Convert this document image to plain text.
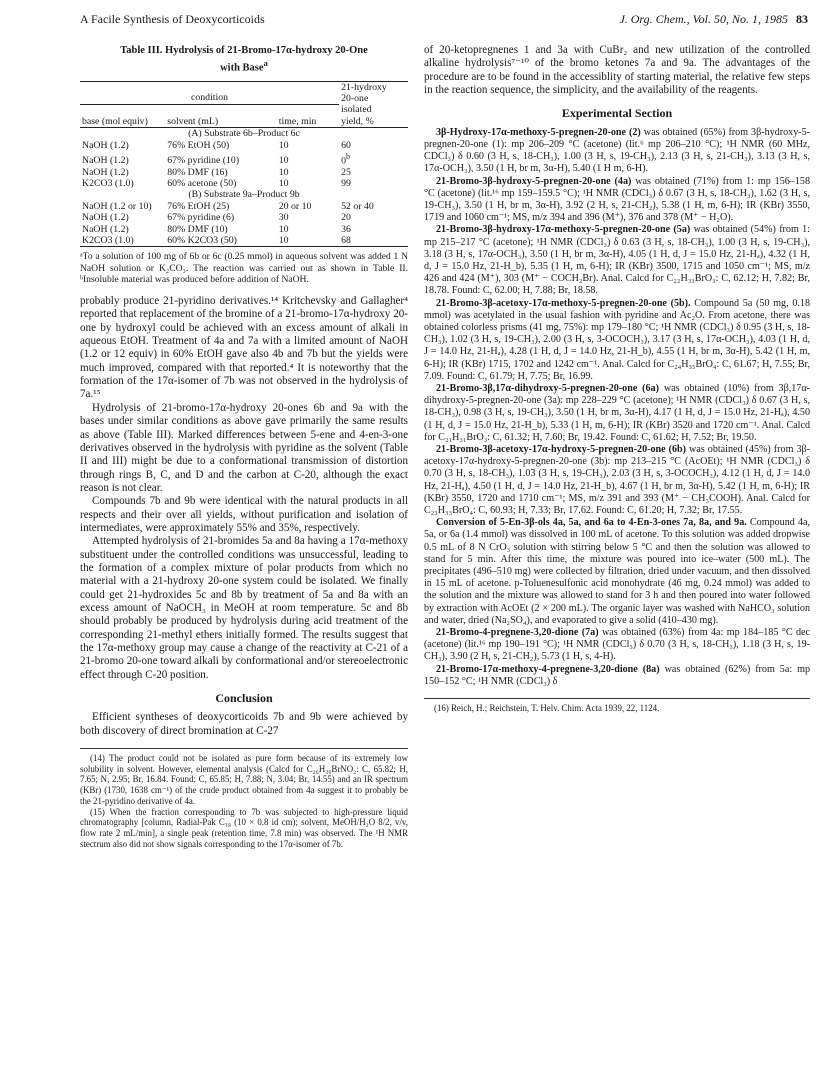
A Facile Synthesis of Deoxycorticoids	J. Org. Chem., Vol. 50, No. 1, 1985 83
Table III. Hydrolysis of 21-Bromo-17α-hydroxy 20-One
with Base$^a$

			21-hydroxy
20-one

condition			
base (mol equiv)	solvent (mL)	time, min	isolated
yield, %

(A) Substrate 6b–Product 6c			
NaOH (1.2)	76% EtOH (50)	10	60
NaOH (1.2)	67% pyridine (10)	10	0$^b$
NaOH (1.2)	80% DMF (16)	10	25
K2CO3 (1.0)	60% acetone (50)	10	99
(B) Substrate 9a–Product 9b			
NaOH (1.2 or 10)	76% EtOH (25)	20 or 10	52 or 40
NaOH (1.2)	67% pyridine (6)	30	20
NaOH (1.2)	80% DMF (10)	10	36
K2CO3 (1.0)	60% K2CO3 (50)	10	68
ᵃTo a solution of 100 mg of 6b or 6c (0.25 mmol) in aqueous solvent was added 1 N NaOH solution or K₂CO₃. The reaction was carried out as shown in Table II. ᵇInsoluble material was produced before addition of NaOH.

probably produce 21-pyridino derivatives.¹⁴ Kritchevsky and Gallagher⁴ reported that replacement of the bromine of a 21-bromo-17α-hydroxy 20-one by hydroxyl could be achieved with an excess amount of alkali in aqueous EtOH. Treatment of 4a and 7a with a limited amount of NaOH (1.2 or 12 equiv) in 60% EtOH gave also 4b and 7b but the yields were much improved, compared with that reported.⁴ It is noteworthy that the formation of the 17α-isomer of 7b was not observed in the hydrolysis of 7a.¹⁵

Hydrolysis of 21-bromo-17α-hydroxy 20-ones 6b and 9a with the bases under similar conditions as above gave primarily the same results as above (Table III). Marked differences between 5-ene and 4-en-3-one derivatives observed in the hydrolysis with pyridine as the solvent (Table II and III) might be due to a conformational transmission of distortion through rings B, C, and D and the carbon at C-20, although the exact reason is not clear.

Compounds 7b and 9b were identical with the natural products in all respects and their over all yields, without purification and isolation of intermediates, were approximately 55% and 35%, respectively.

Attempted hydrolysis of 21-bromides 5a and 8a having a 17α-methoxy substituent under the controlled conditions was unsuccessful, leading to the formation of a complex mixture of polar products from which no material with a 21-hydroxy 20-one system could be isolated. We finally could get 21-hydroxides 5c and 8b by treatment of 5a and 8a with an excess amount of NaOCH₃ in MeOH at room temperature. 5c and 8b should probably be produced by hydrolysis during acid treatment of the corresponding 21-methyl ethers initially formed. The results suggest that the 17α-methoxy group may cause a change of the reactivity at C-21 of a 21-bromo 20-one toward alkali by conformational and/or stereoelectronic effect through C-20 position.

Conclusion

Efficient syntheses of deoxycorticoids 7b and 9b were achieved by both discovery of direct bromination at C-27

(14) The product could not be isolated as pure form because of its extremely low solubility in solvent. However, elemental analysis (Calcd for C₂₆H₃₆BrNO₂: C, 65.82; H, 7.65; N, 2.95; Br, 16.84. Found: C, 65.85; H, 7.88; N, 3.04; Br, 14.55) and an IR spectrum (KBr) (1730, 1638 cm⁻¹) of the crude product obtained from 4a suggest it to probably be the 21-pyridino derivative of 4a.

(15) When the fraction corresponding to 7b was subjected to high-pressure liquid chromatography [column, Radial-Pak C₁₈ (10 × 0.8 id cm); solvent, MeOH/H₂O 8/2, v/v, flow rate 2 mL/min], a single peak (retention time, 7.8 min) was observed. The ¹H NMR stectrum also did not show signals corresponding to the 17α-isomer of 7b.

of 20-ketopregnenes 1 and 3a with CuBr₂ and new utilization of the controlled alkaline hydrolysis⁷⁻¹⁰ of the bromo ketones 7a and 9a. The advantages of the procedure are to be found in the accessiblity of starting material, the relative few steps in the reaction sequence, the simplicity, and the availability of the reagents.

Experimental Section

3β-Hydroxy-17α-methoxy-5-pregnen-20-one (2) was obtained (65%) from 3β-hydroxy-5-pregnen-20-one (1): mp 206–209 °C (acetone) (lit.⁶ mp 206–210 °C); ¹H NMR (60 MHz, CDCl₃) δ 0.60 (3 H, s, 18-CH₃), 1.00 (3 H, s, 19-CH₃), 2.13 (3 H, s, 21-CH₃), 3.13 (3 H, s, 17α-OCH₃), 3.50 (1 H, br m, 3α-H), 5.40 (1 H m, 6-H).

21-Bromo-3β-hydroxy-5-pregnen-20-one (4a) was obtained (71%) from 1: mp 156–158 °C (acetone) (lit.¹⁶ mp 159–159.5 °C); ¹H NMR (CDCl₃) δ 0.67 (3 H, s, 18-CH₃), 1.62 (3 H, s, 19-CH₃), 3.50 (1 H, br m, 3α-H), 3.92 (2 H, s, 21-CH₂), 5.38 (1 H, m, 6-H); IR (KBr) 3550, 1719 and 1060 cm⁻¹; MS, m/z 394 and 396 (M⁺), 376 and 378 (M⁺ − H₂O).

21-Bromo-3β-hydroxy-17α-methoxy-5-pregnen-20-one (5a) was obtained (54%) from 1: mp 215–217 °C (acetone); ¹H NMR (CDCl₃) δ 0.63 (3 H, s, 18-CH₃), 1.00 (3 H, s, 19-CH₃), 3.18 (3 H, s, 17α-OCH₃), 3.50 (1 H, br m, 3α-H), 4.05 (1 H, d, J = 15.0 Hz, 21-Hₐ), 4.32 (1 H, d, J = 15.0 Hz, 21-H_b), 5.35 (1 H, m, 6-H); IR (KBr) 3500, 1715 and 1050 cm⁻¹; MS, m/z 426 and 424 (M⁺), 303 (M⁺ − COCH₂Br). Anal. Calcd for C₂₂H₃₃BrO₃: C, 62.12; H, 7.82; Br, 18.78. Found: C, 62.00; H, 7.88; Br, 18.58.

21-Bromo-3β-acetoxy-17α-methoxy-5-pregnen-20-one (5b). Compound 5a (50 mg, 0.18 mmol) was acetylated in the usual fashion with pyridine and Ac₂O. From acetone, there was obtained colorless prisms (41 mg, 75%): mp 179–180 °C; ¹H NMR (CDCl₃) δ 0.95 (3 H, s, 18-CH₃), 1.02 (3 H, s, 19-CH₃), 2.00 (3 H, s, 3-OCOCH₃), 3.17 (3 H, s, 17α-OCH₃), 4.03 (1 H, d, J = 14.0 Hz, 21-Hₐ), 4.28 (1 H, d, J = 14.0 Hz, 21-H_b), 4.55 (1 H, br m, 3α-H), 5.42 (1 H, m, 6-H); IR (KBr) 1715, 1702 and 1242 cm⁻¹. Anal. Calcd for C₂₄H₃₅BrO₄: C, 61.67; H, 7.55; Br, 7.09. Found: C, 61.79; H, 7.75; Br, 16.99.

21-Bromo-3β,17α-dihydroxy-5-pregnen-20-one (6a) was obtained (10%) from 3β,17α-dihydroxy-5-pregnen-20-one (3a): mp 228–229 °C (acetone); ¹H NMR (CDCl₃) δ 0.67 (3 H, s, 18-CH₃), 0.98 (3 H, s, 19-CH₃), 3.50 (1 H, br m, 3α-H), 4.17 (1 H, d, J = 15.0 Hz, 21-Hₐ), 4.50 (1 H, d, J = 15.0 Hz, 21-H_b), 5.33 (1 H, m, 6-H); IR (KBr) 3520 and 1720 cm⁻¹. Anal. Calcd for C₂₁H₃₁BrO₃: C, 61.32; H, 7.60; Br, 19.42. Found: C, 61.62; H, 7.52; Br, 19.50.

21-Bromo-3β-acetoxy-17α-hydroxy-5-pregnen-20-one (6b) was obtained (45%) from 3β-acetoxy-17α-hydroxy-5-pregnen-20-one (3b): mp 213–215 °C (AcOEt); ¹H NMR (CDCl₃) δ 0.70 (3 H, s, 18-CH₃), 1.03 (3 H, s, 19-CH₃), 2.03 (3 H, s, 3-OCOCH₃), 4.12 (1 H, d, J = 14.0 Hz, 21-Hₐ), 4.50 (1 H, d, J = 14.0 Hz, 21-H_b), 4.67 (1 H, br m, 3α-H), 5.42 (1 H, m, 6-H); IR (KBr) 3550, 1720 and 1710 cm⁻¹; MS, m/z 391 and 393 (M⁺ − CH₃COOH). Anal. Calcd for C₂₃H₃₃BrO₄: C, 60.93; H, 7.33; Br, 17.62. Found: C, 61.20; H, 7.32; Br, 17.55.

Conversion of 5-En-3β-ols 4a, 5a, and 6a to 4-En-3-ones 7a, 8a, and 9a. Compound 4a, 5a, or 6a (1.4 mmol) was dissolved in 100 mL of acetone. To this solution was added dropwise 0.5 mL of 8 N CrO₃ solution with stirring below 5 °C and then the solution was allowed to stand for 5 min. After this time, the mixture was poured into ice–water (500 mL). The precipitates (496–510 mg) were collected by filtration, dried under vacuum, and then dissolved in 15 mL of acetone. p-Toluenesulfonic acid monohydrate (46 mg, 0.24 mmol) was added to the solution and the mixture was allowed to stand for 3 h and then poured into water followed by extraction with AcOEt (2 × 200 mL). The organic layer was washed with NaHCO₃ solution and water, dried (Na₂SO₄), and evaporated to give a solid (410–430 mg).

21-Bromo-4-pregnene-3,20-dione (7a) was obtained (63%) from 4a: mp 184–185 °C dec (acetone) (lit.¹⁶ mp 190–191 °C); ¹H NMR (CDCl₃) δ 0.70 (3 H, s, 18-CH₃), 1.18 (3 H, s, 19-CH₃), 3.90 (2 H, s, 21-CH₂), 5.73 (1 H, s, 4-H).

21-Bromo-17α-methoxy-4-pregnene-3,20-dione (8a) was obtained (62%) from 5a: mp 150–152 °C; ¹H NMR (CDCl₃) δ

(16) Reich, H.; Reichstein, T. Helv. Chim. Acta 1939, 22, 1124.
